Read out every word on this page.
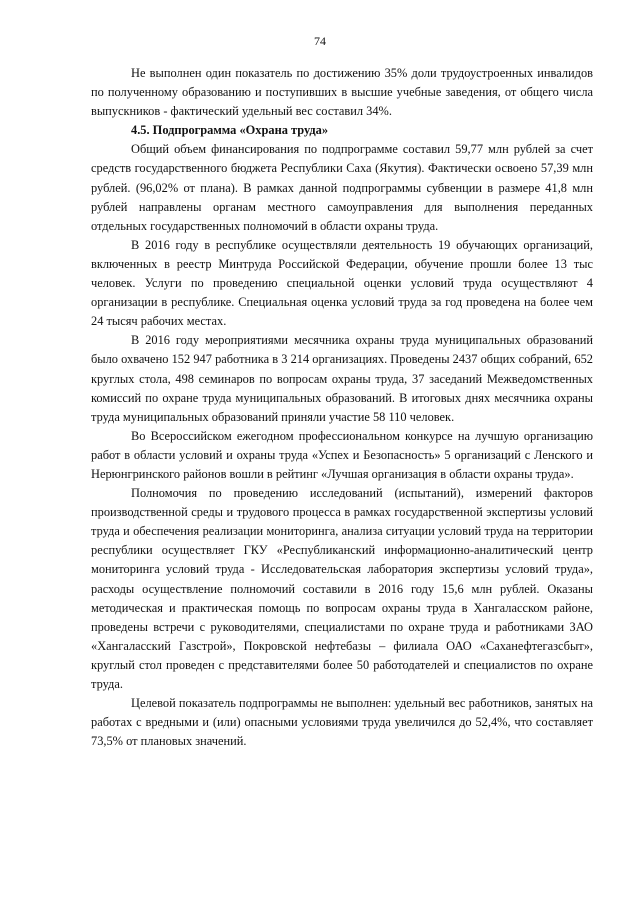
74

Не выполнен один показатель по достижению 35% доли трудоустроенных инвалидов по полученному образованию и поступивших в высшие учебные заведения, от общего числа выпускников - фактический удельный вес составил 34%.

4.5. Подпрограмма «Охрана труда»

Общий объем финансирования по подпрограмме составил 59,77 млн рублей за счет средств государственного бюджета Республики Саха (Якутия). Фактически освоено 57,39 млн рублей. (96,02% от плана). В рамках данной подпрограммы субвенции в размере 41,8 млн рублей направлены органам местного самоуправления для выполнения переданных отдельных государственных полномочий в области охраны труда.

В 2016 году в республике осуществляли деятельность 19 обучающих организаций, включенных в реестр Минтруда Российской Федерации, обучение прошли более 13 тыс человек. Услуги по проведению специальной оценки условий труда осуществляют 4 организации в республике. Специальная оценка условий труда за год проведена на более чем 24 тысяч рабочих местах.

В 2016 году мероприятиями месячника охраны труда муниципальных образований было охвачено 152 947 работника в 3 214 организациях. Проведены 2437 общих собраний, 652 круглых стола, 498 семинаров по вопросам охраны труда, 37 заседаний Межведомственных комиссий по охране труда муниципальных образований. В итоговых днях месячника охраны труда муниципальных образований приняли участие 58 110 человек.

Во Всероссийском ежегодном профессиональном конкурсе на лучшую организацию работ в области условий и охраны труда «Успех и Безопасность» 5 организаций с Ленского и Нерюнгринского районов вошли в рейтинг «Лучшая организация в области охраны труда».

Полномочия по проведению исследований (испытаний), измерений факторов производственной среды и трудового процесса в рамках государственной экспертизы условий труда и обеспечения реализации мониторинга, анализа ситуации условий труда на территории республики осуществляет ГКУ «Республиканский информационно-аналитический центр мониторинга условий труда - Исследовательская лаборатория экспертизы условий труда», расходы осуществление полномочий составили в 2016 году 15,6 млн рублей. Оказаны методическая и практическая помощь по вопросам охраны труда в Хангаласском районе, проведены встречи с руководителями, специалистами по охране труда и работниками ЗАО «Хангаласский Газстрой», Покровской нефтебазы – филиала ОАО «Саханефтегазсбыт», круглый стол проведен с представителями более 50 работодателей и специалистов по охране труда.

Целевой показатель подпрограммы не выполнен: удельный вес работников, занятых на работах с вредными и (или) опасными условиями труда увеличился до 52,4%, что составляет 73,5% от плановых значений.
